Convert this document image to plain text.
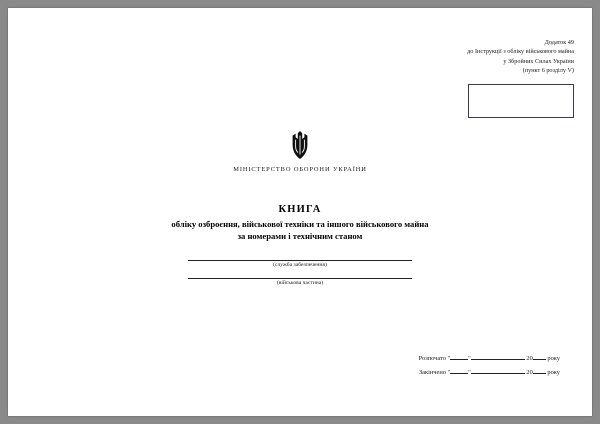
Додаток 49
до Інструкції з обліку військового майна
у Збройних Силах України
(пункт 6 розділу V)
МІНІСТЕРСТВО ОБОРОНИ УКРАЇНИ
КНИГА
обліку озброєння, військової техніки та іншого військового майна
за номерами і технічним станом
(служба забезпечення)
(військова частина)
Розпочато "	"	20 року
Закінчено "	"	20 року
